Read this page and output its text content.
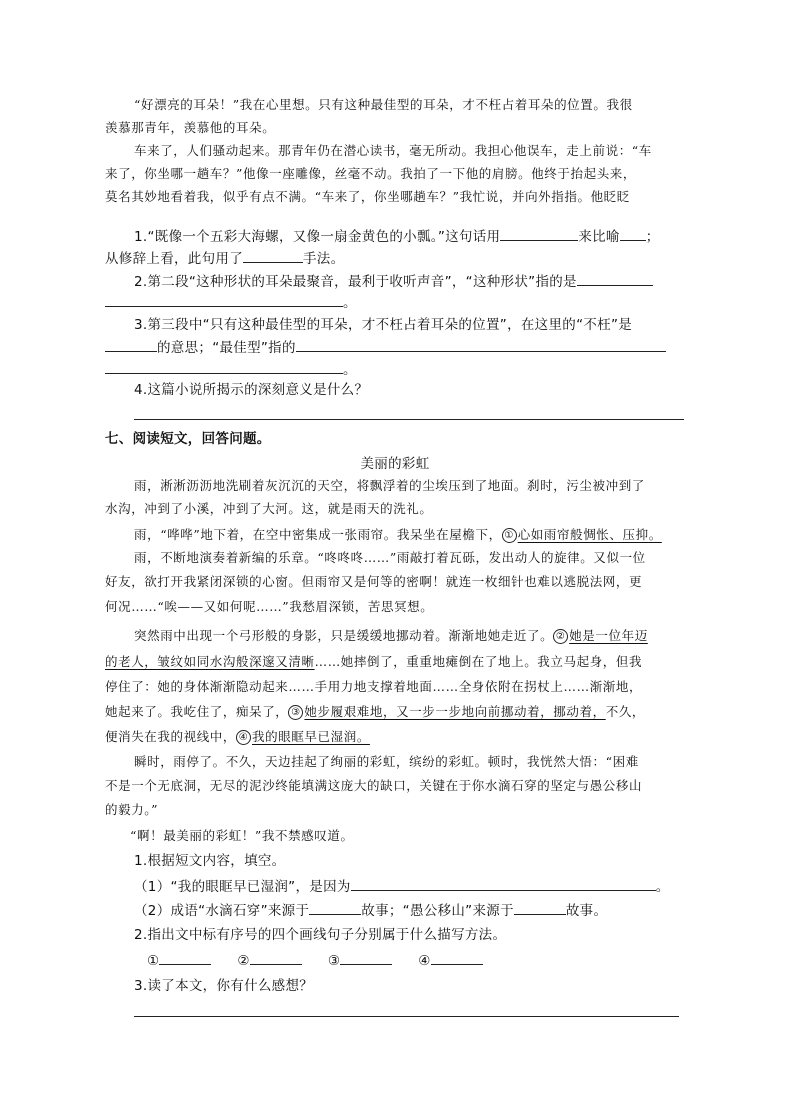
“好漂亮的耳朵！”我在心里想。只有这种最佳型的耳朵，才不枉占着耳朵的位置。我很
羡慕那青年，羡慕他的耳朵。
车来了，人们骚动起来。那青年仍在潜心读书，毫无所动。我担心他误车，走上前说：“车
来了，你坐哪一趟车？”他像一座雕像，丝毫不动。我拍了一下他的肩膀。他终于抬起头来，
莫名其妙地看着我，似乎有点不满。“车来了，你坐哪趟车？”我忙说，并向外指指。他眨眨
1.“既像一个五彩大海螺，又像一扇金黄色的小瓢。”这句话用	来比喻 ；
从修辞上看，此句用了	手法。
2.第二段“这种形状的耳朵最聚音，最利于收听声音”，“这种形状”指的是
。
3.第三段中“只有这种最佳型的耳朵，才不枉占着耳朵的位置”，在这里的“不枉”是
的意思；“最佳型”指的
。
4.这篇小说所揭示的深刻意义是什么？
七、阅读短文，回答问题。
美丽的彩虹
雨，淅淅沥沥地洗刷着灰沉沉的天空，将飘浮着的尘埃压到了地面。刹时，污尘被冲到了
水沟，冲到了小溪，冲到了大河。这，就是雨天的洗礼。
雨，“哗哗”地下着，在空中密集成一张雨帘。我呆坐在屋檐下， ① 心如雨帘般惆怅、压抑。
雨，不断地演奏着新编的乐章。“咚咚咚……”雨敲打着瓦砾，发出动人的旋律。又似一位
好友，欲打开我紧闭深锁的心窗。但雨帘又是何等的密啊！就连一枚细针也难以逃脱法网，更
何况……“唉——又如何呢……”我愁眉深锁，苦思冥想。
突然雨中出现一个弓形般的身影，只是缓缓地挪动着。渐渐地她走近了。 ② 她是一位年迈
的老人，皱纹如同水沟般深邃又清晰……她摔倒了，重重地瘫倒在了地上。我立马起身，但我
停住了：她的身体渐渐隐动起来……手用力地支撑着地面……全身依附在拐杖上……渐渐地，
她起来了。我屹住了，痴呆了， ③ 她步履艰难地，又一步一步地向前挪动着，挪动着，不久，
便消失在我的视线中， ④ 我的眼眶早已湿润。
瞬时，雨停了。不久，天边挂起了绚丽的彩虹，缤纷的彩虹。顿时，我恍然大悟：“困难
不是一个无底洞，无尽的泥沙终能填满这庞大的缺口，关键在于你水滴石穿的坚定与愚公移山
的毅力。”
“啊！最美丽的彩虹！”我不禁感叹道。
1.根据短文内容，填空。
（1）“我的眼眶早已湿润”，是因为	。
（2）成语“水滴石穿”来源于	故事；“愚公移山”来源于	故事。
2.指出文中标有序号的四个画线句子分别属于什么描写方法。
①	②	③	④
3.读了本文，你有什么感想？
